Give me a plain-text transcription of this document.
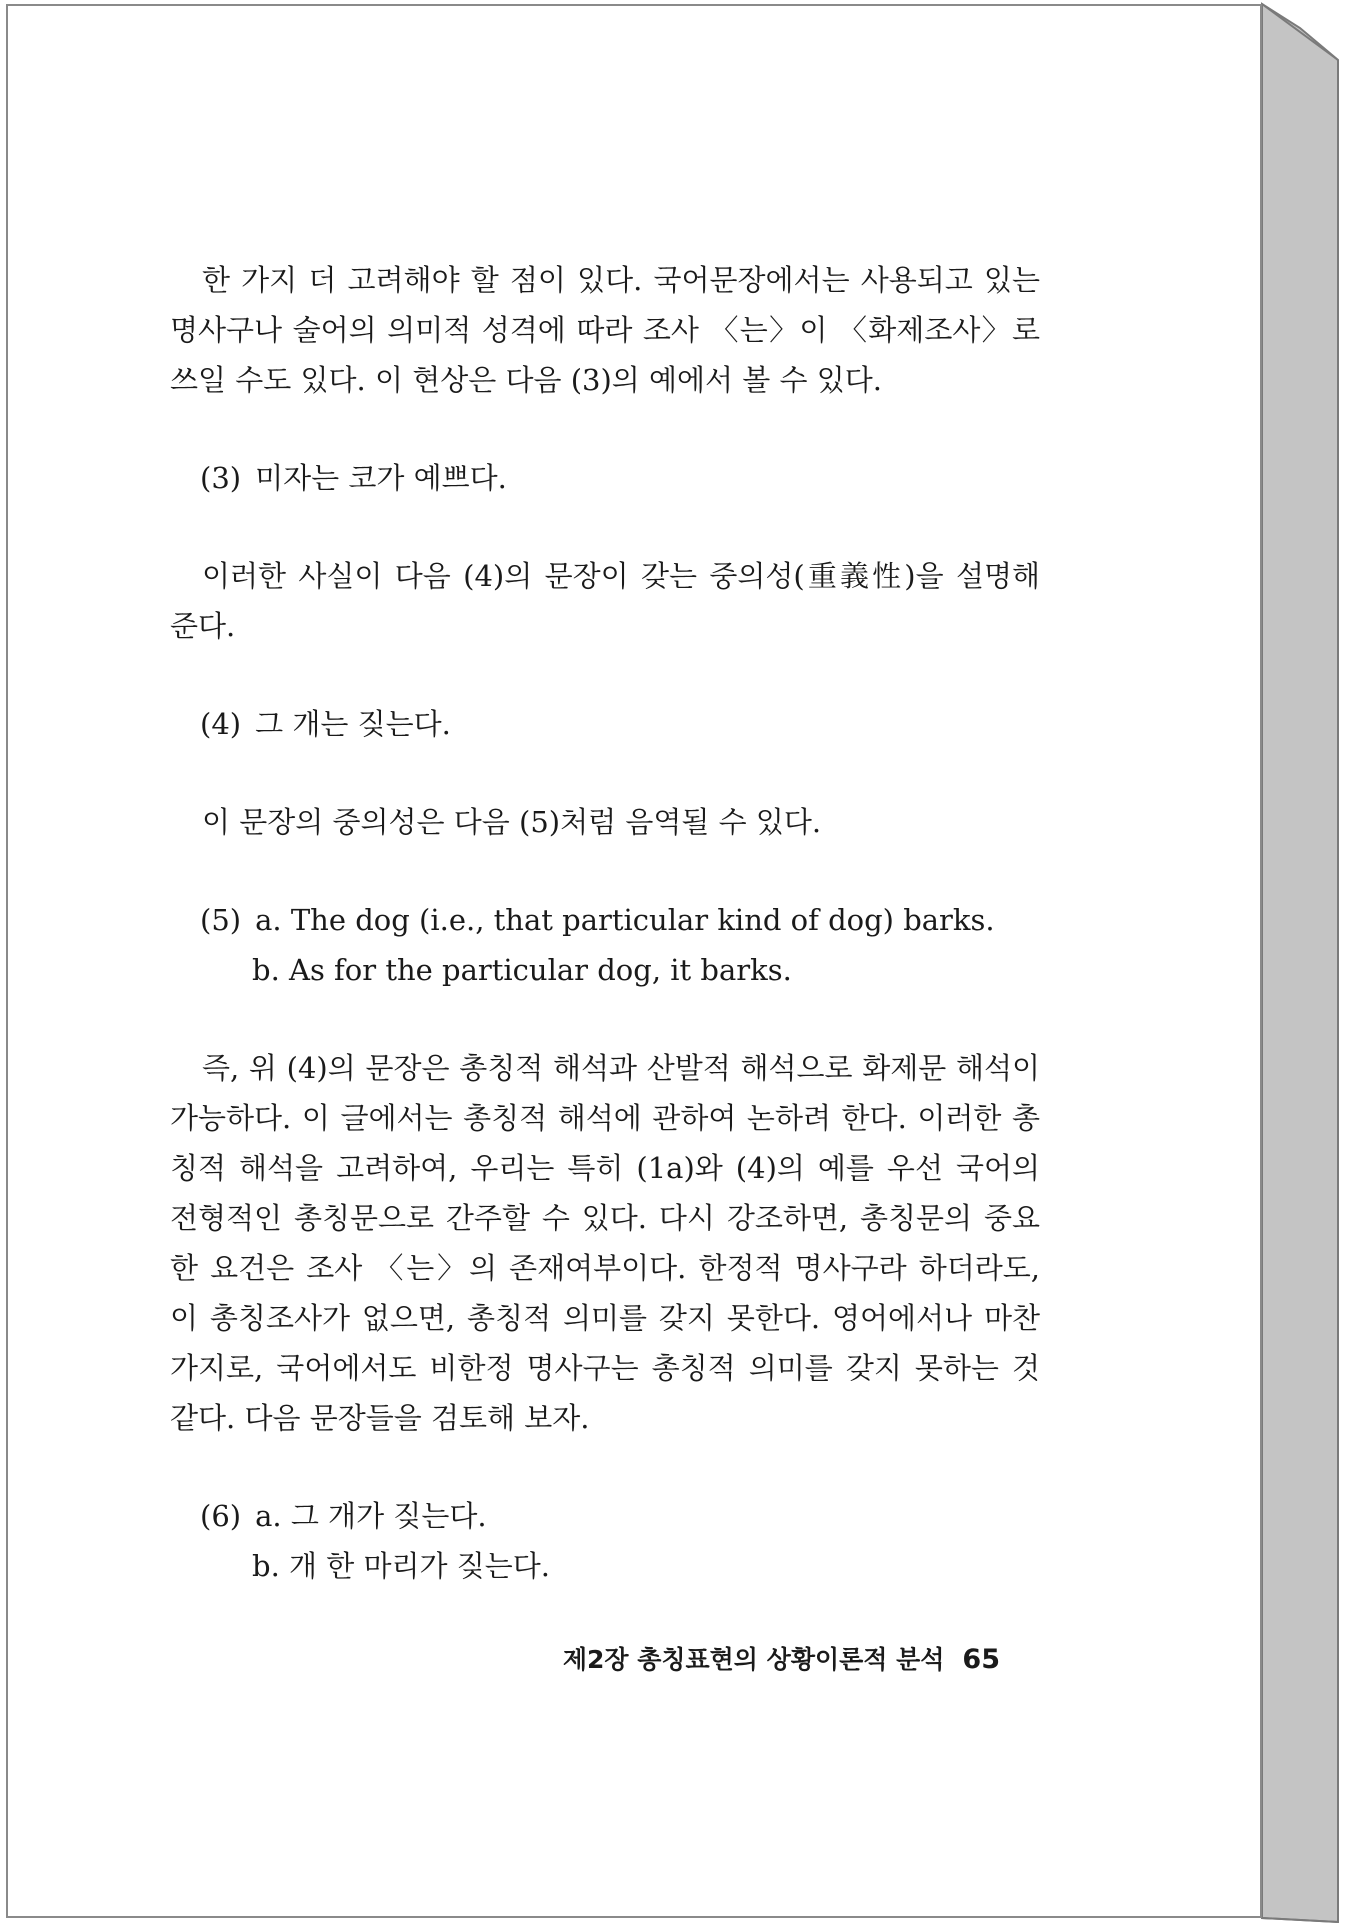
한 가지 더 고려해야 할 점이 있다. 국어문장에서는 사용되고 있는 명사구나 술어의 의미적 성격에 따라 조사 〈는〉이 〈화제조사〉로 쓰일 수도 있다. 이 현상은 다음 (3)의 예에서 볼 수 있다.

(3) 미자는 코가 예쁘다.

이러한 사실이 다음 (4)의 문장이 갖는 중의성(重義性)을 설명해 준다.

(4) 그 개는 짖는다.

이 문장의 중의성은 다음 (5)처럼 음역될 수 있다.

(5) a. The dog (i.e., that particular kind of dog) barks.
b. As for the particular dog, it barks.

즉, 위 (4)의 문장은 총칭적 해석과 산발적 해석으로 화제문 해석이 가능하다. 이 글에서는 총칭적 해석에 관하여 논하려 한다. 이러한 총칭적 해석을 고려하여, 우리는 특히 (1a)와 (4)의 예를 우선 국어의 전형적인 총칭문으로 간주할 수 있다. 다시 강조하면, 총칭문의 중요한 요건은 조사 〈는〉의 존재여부이다. 한정적 명사구라 하더라도, 이 총칭조사가 없으면, 총칭적 의미를 갖지 못한다. 영어에서나 마찬가지로, 국어에서도 비한정 명사구는 총칭적 의미를 갖지 못하는 것 같다. 다음 문장들을 검토해 보자.

(6) a. 그 개가 짖는다.
b. 개 한 마리가 짖는다.

제2장 총칭표현의 상황이론적 분석 65
